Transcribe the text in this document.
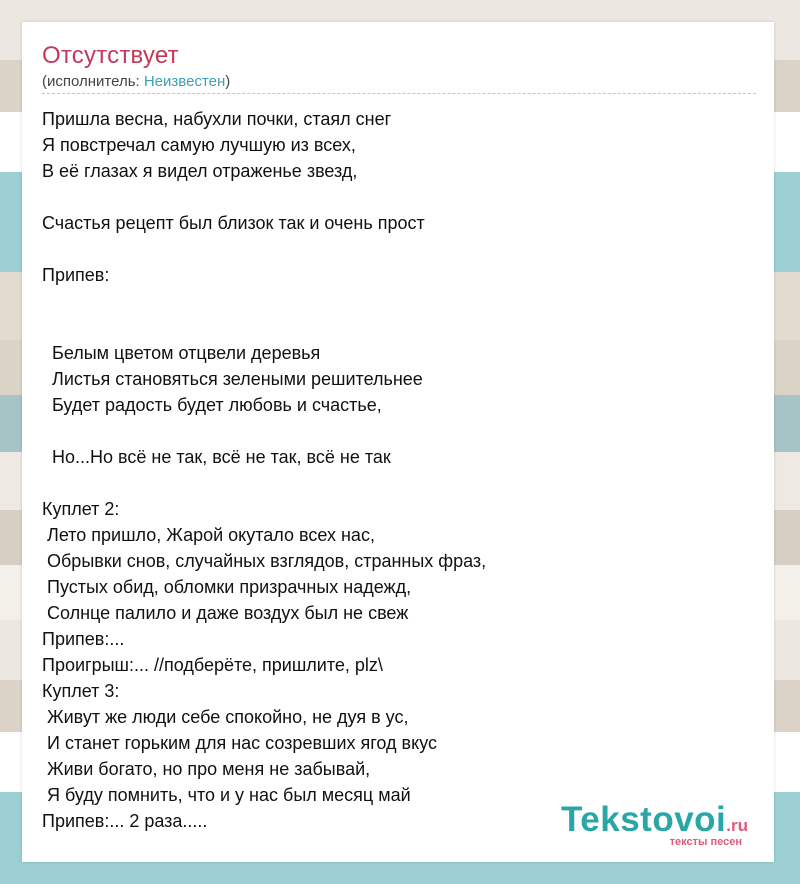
Отсутствует
(исполнитель: Неизвестен)
Пришла весна, набухли почки, стаял снег
Я повстречал самую лучшую из всех,
В её глазах я видел отраженье звезд,
Счастья рецепт был близок так и очень прост
Припев:
Белым цветом отцвели деревья
Листья становяться зелеными решительнее
Будет радость будет любовь и счастье,
Но...Но всё не так, всё не так, всё не так
Куплет 2:
Лето пришло, Жарой окутало всех нас,
Обрывки снов, случайных взглядов, странных фраз,
Пустых обид, обломки призрачных надежд,
Солнце палило и даже воздух был не свеж
Припев:...
Проигрыш:... //подберёте, пришлите, plz\
Куплет 3:
Живут же люди себе спокойно, не дуя в ус,
И станет горьким для нас созревших ягод вкус
Живи богато, но про меня не забывай,
Я буду помнить, что и у нас был месяц май
Припев:... 2 раза.....	Tekstovoi.ru
тексты песен
